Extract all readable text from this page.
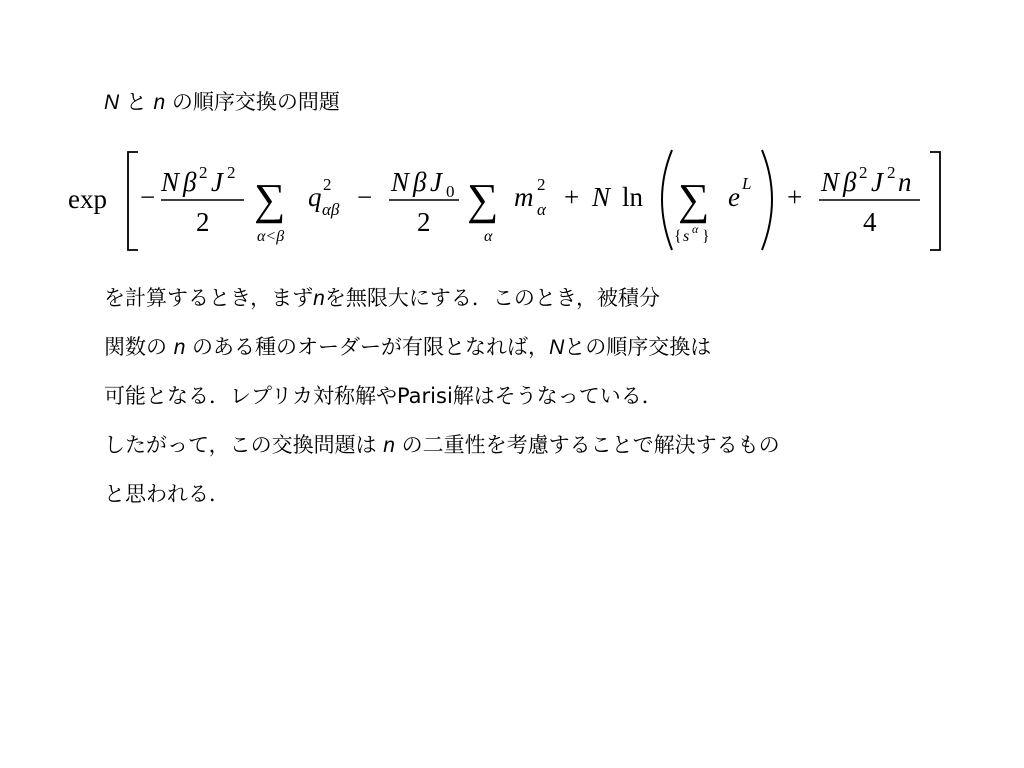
N と n の順序交換の問題
exp − N β 2 J 2
2 ∑
α<β
q 2
αβ − N β J 0
2 ∑
α
m 2
α + N ln ∑
{ s α }
e L + N β 2 J 2 n
4
を計算するとき，まずnを無限大にする．このとき，被積分
関数の n のある種のオーダーが有限となれば，Nとの順序交換は
可能となる．レプリカ対称解やParisi解はそうなっている．
したがって，この交換問題は n の二重性を考慮することで解決するもの
と思われる．
